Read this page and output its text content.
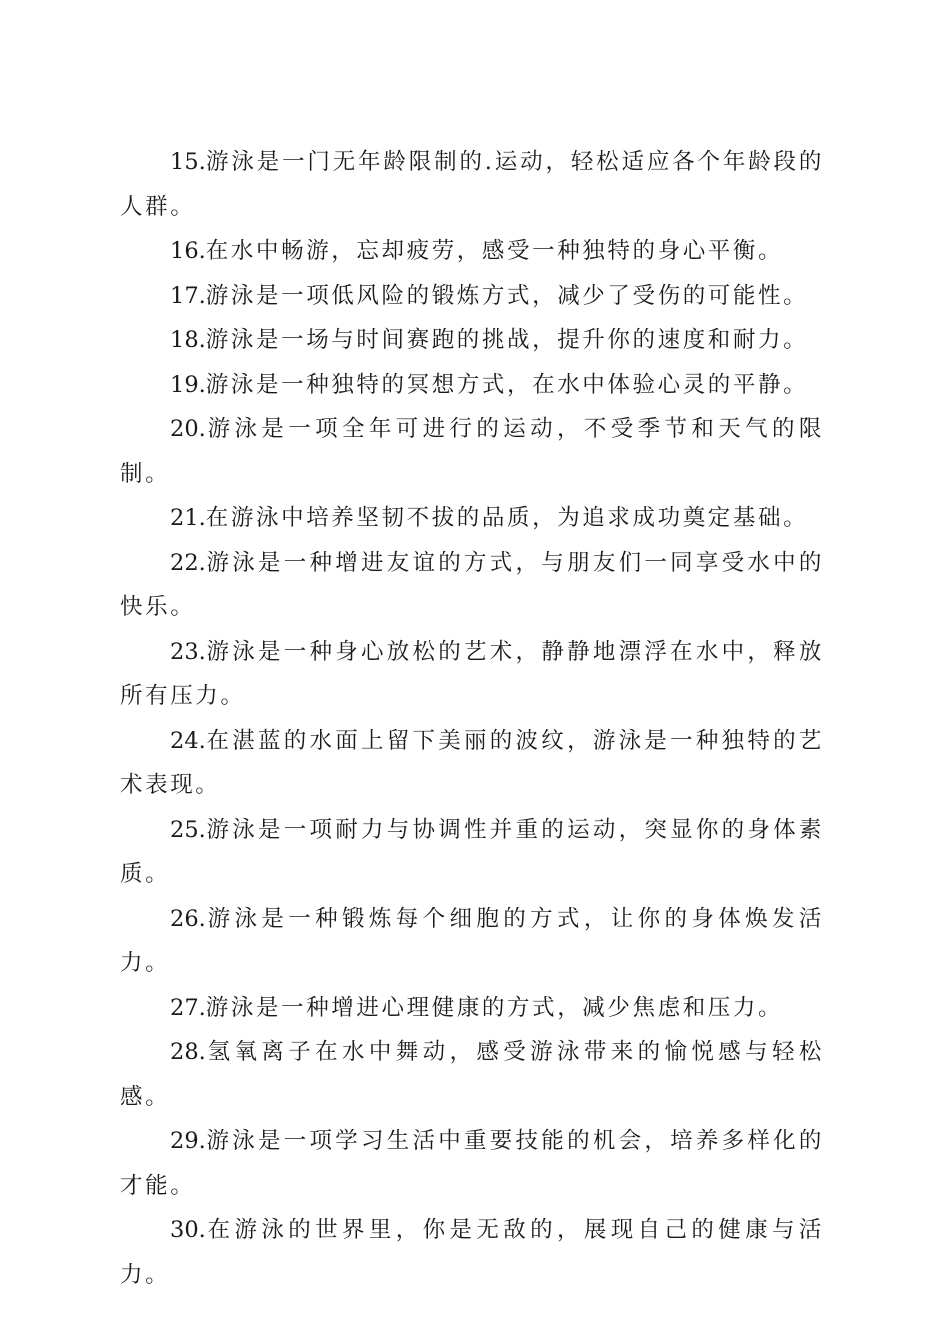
15.游泳是一门无年龄限制的.运动，轻松适应各个年龄段的人群。

16.在水中畅游，忘却疲劳，感受一种独特的身心平衡。

17.游泳是一项低风险的锻炼方式，减少了受伤的可能性。

18.游泳是一场与时间赛跑的挑战，提升你的速度和耐力。

19.游泳是一种独特的冥想方式，在水中体验心灵的平静。

20.游泳是一项全年可进行的运动，不受季节和天气的限制。

21.在游泳中培养坚韧不拔的品质，为追求成功奠定基础。

22.游泳是一种增进友谊的方式，与朋友们一同享受水中的快乐。

23.游泳是一种身心放松的艺术，静静地漂浮在水中，释放所有压力。

24.在湛蓝的水面上留下美丽的波纹，游泳是一种独特的艺术表现。

25.游泳是一项耐力与协调性并重的运动，突显你的身体素质。

26.游泳是一种锻炼每个细胞的方式，让你的身体焕发活力。

27.游泳是一种增进心理健康的方式，减少焦虑和压力。

28.氢氧离子在水中舞动，感受游泳带来的愉悦感与轻松感。

29.游泳是一项学习生活中重要技能的机会，培养多样化的才能。

30.在游泳的世界里，你是无敌的，展现自己的健康与活力。
